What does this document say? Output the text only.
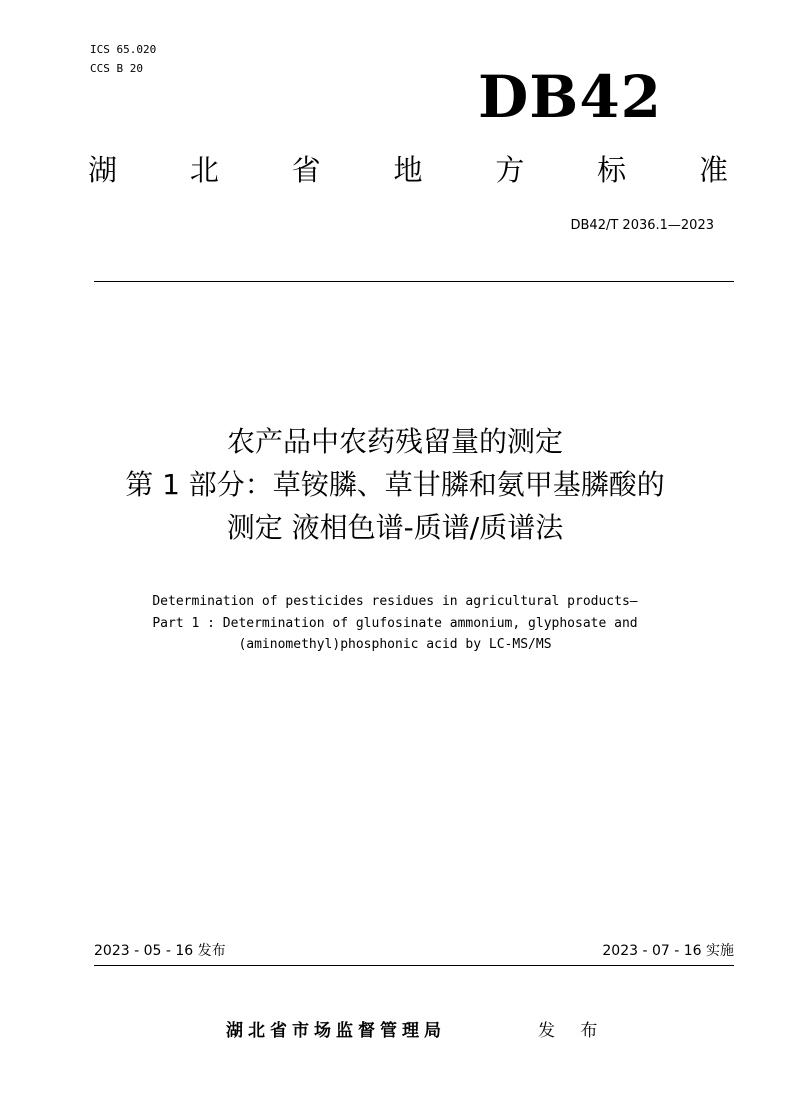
ICS 65.020
CCS B 20	DB42
湖	北	省	地	方	标	准
DB42/T 2036.1—2023
农产品中农药残留量的测定
第 1 部分：草铵膦、草甘膦和氨甲基膦酸的
测定 液相色谱-质谱/质谱法
Determination of pesticides residues in agricultural products—
Part 1 : Determination of glufosinate ammonium, glyphosate and
(aminomethyl)phosphonic acid by LC-MS/MS
2023 - 05 - 16 发布	2023 - 07 - 16 实施
湖北省市场监督管理局	发 布
